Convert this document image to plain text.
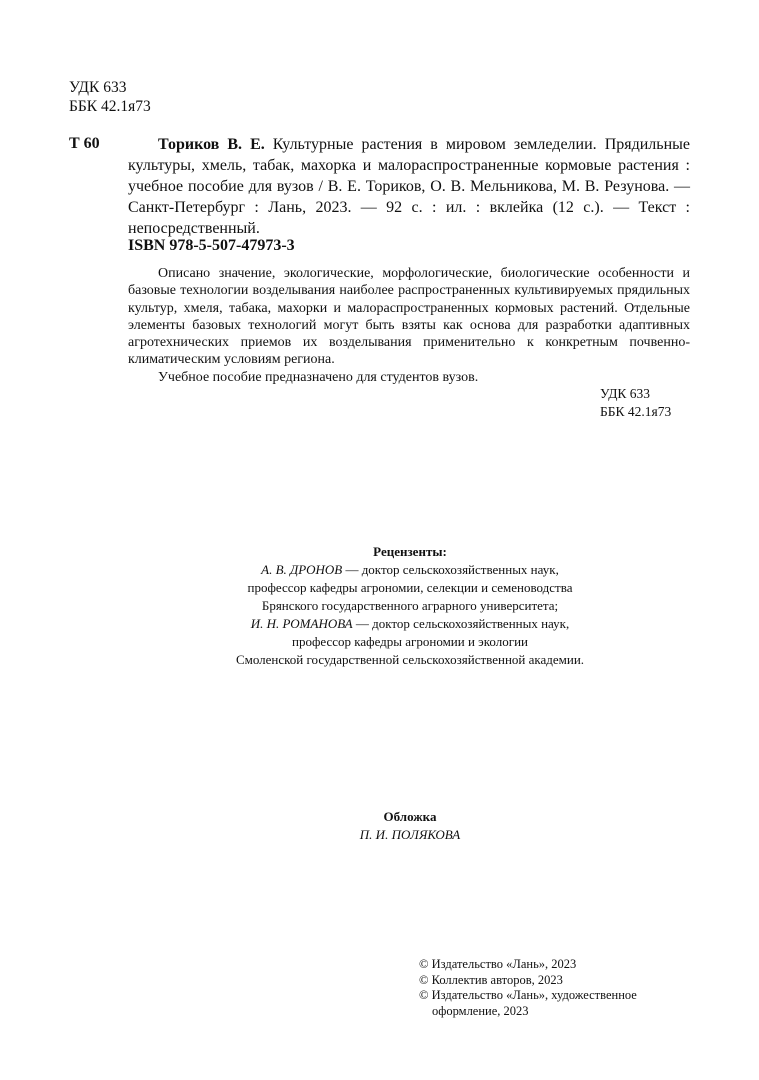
УДК 633
ББК 42.1я73
Т 60	Ториков В. Е. Культурные растения в мировом земледелии. Прядильные культуры, хмель, табак, махорка и малораспространенные кормовые растения : учебное пособие для вузов / В. Е. Ториков, О. В. Мельникова, М. В. Резунова. — Санкт-Петербург : Лань, 2023. — 92 с. : ил. : вклейка (12 с.). — Текст : непосредственный.
ISBN 978-5-507-47973-3

Описано значение, экологические, морфологические, биологические особенности и базовые технологии возделывания наиболее распространенных культивируемых прядильных культур, хмеля, табака, махорки и малораспространенных кормовых растений. Отдельные элементы базовых технологий могут быть взяты как основа для разработки адаптивных агротехнических приемов их возделывания применительно к конкретным почвенно-климатическим условиям региона.

Учебное пособие предназначено для студентов вузов.

УДК 633
ББК 42.1я73
Рецензенты:
А. В. ДРОНОВ — доктор сельскохозяйственных наук,
профессор кафедры агрономии, селекции и семеноводства
Брянского государственного аграрного университета;
И. Н. РОМАНОВА — доктор сельскохозяйственных наук,
профессор кафедры агрономии и экологии
Смоленской государственной сельскохозяйственной академии.
Обложка
П. И. ПОЛЯКОВА
© Издательство «Лань», 2023
© Коллектив авторов, 2023
© Издательство «Лань», художественное
оформление, 2023
